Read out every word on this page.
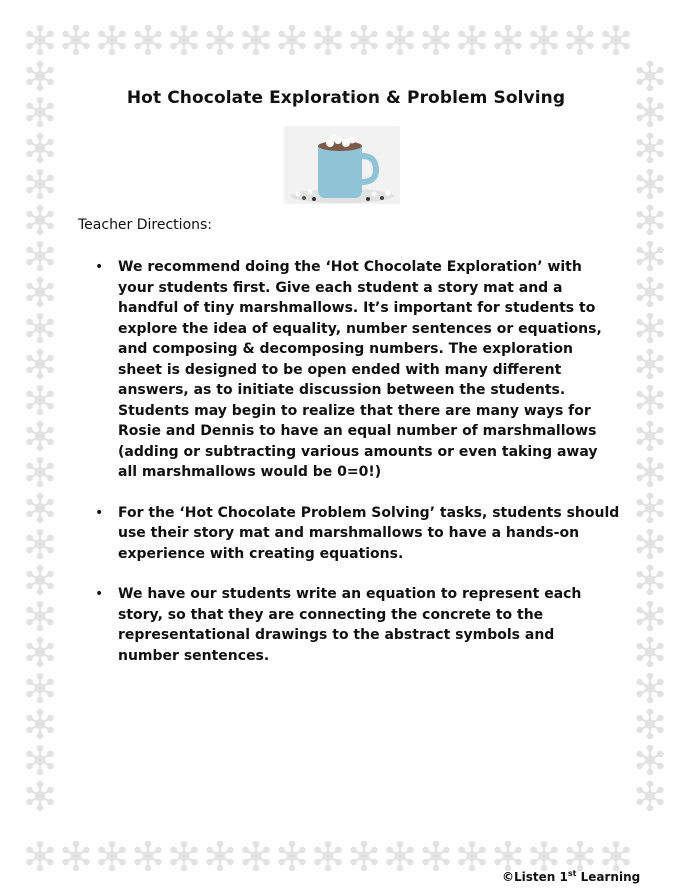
Hot Chocolate Exploration & Problem Solving
Teacher Directions:
• We recommend doing the ‘Hot Chocolate Exploration’ with your students first. Give each student a story mat and a handful of tiny marshmallows. It’s important for students to explore the idea of equality, number sentences or equations, and composing & decomposing numbers. The exploration sheet is designed to be open ended with many different answers, as to initiate discussion between the students. Students may begin to realize that there are many ways for Rosie and Dennis to have an equal number of marshmallows (adding or subtracting various amounts or even taking away all marshmallows would be 0=0!)
• For the ‘Hot Chocolate Problem Solving’ tasks, students should use their story mat and marshmallows to have a hands-on experience with creating equations.
• We have our students write an equation to represent each story, so that they are connecting the concrete to the representational drawings to the abstract symbols and number sentences.
©Listen 1st Learning
